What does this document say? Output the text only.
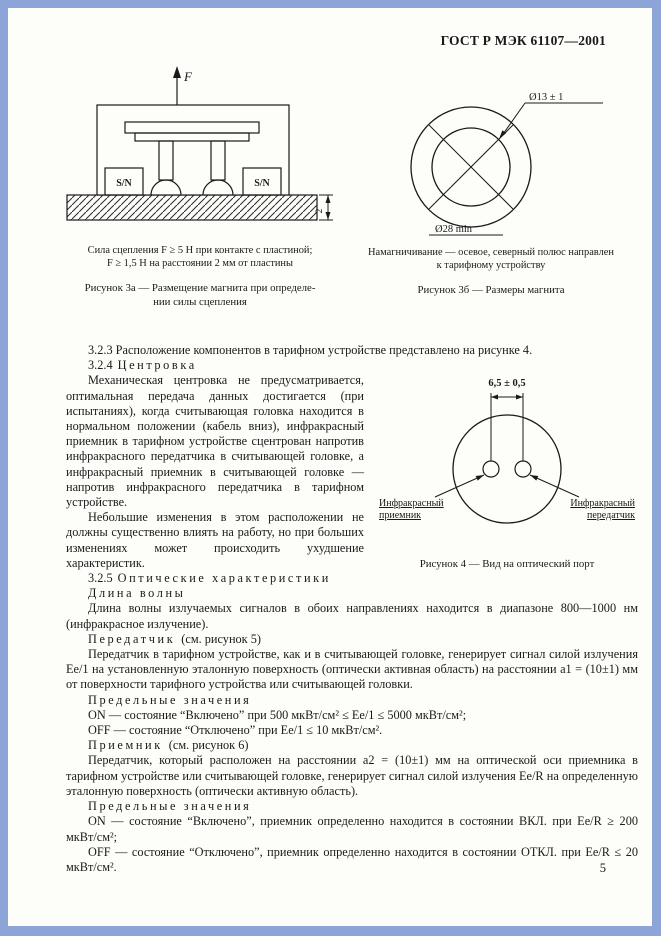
ГОСТ Р МЭК 61107—2001
F
S/N	S/N
2
Сила сцепления F ≥ 5 Н при контакте с пластиной;
F ≥ 1,5 Н на расстоянии 2 мм от пластины
Рисунок 3а — Размещение магнита при определе-
нии силы сцепления
Ø13 ± 1
Ø28 min
Намагничивание — осевое, северный полюс направлен
к тарифному устройству
Рисунок 3б — Размеры магнита

3.2.3 Расположение компонентов в тарифном устройстве представлено на рисунке 4.

3.2.4 Центровка

6,5 ± 0,5
Инфракрасный
приемник
Инфракрасный
передатчик
Рисунок 4 — Вид на оптический порт

Механическая центровка не предусматривается, оптимальная передача данных достигается (при испытаниях), когда считывающая головка находится в нормальном положении (кабель вниз), инфракрасный приемник в тарифном устройстве сцентрован напротив инфракрасного передатчика в считывающей головке, а инфракрасный приемник в считывающей головке — напротив инфракрасного передатчика в тарифном устройстве.

Небольшие изменения в этом расположении не должны существенно влиять на работу, но при больших изменениях может происходить ухудшение характеристик.

3.2.5 Оптические характеристики

Длина волны

Длина волны излучаемых сигналов в обоих направлениях находится в диапазоне 800—1000 нм (инфракрасное излучение).

Передатчик (см. рисунок 5)

Передатчик в тарифном устройстве, как и в считывающей головке, генерирует сигнал силой излучения Ee/1 на установленную эталонную поверхность (оптически активная область) на расстоянии a1 = (10±1) мм от поверхности тарифного устройства или считывающей головки.

Предельные значения

ON — состояние “Включено” при 500 мкВт/см² ≤ Ee/1 ≤ 5000 мкВт/см²;

OFF — состояние “Отключено” при Ee/1 ≤ 10 мкВт/см².

Приемник (см. рисунок 6)

Передатчик, который расположен на расстоянии a2 = (10±1) мм на оптической оси приемника в тарифном устройстве или считывающей головке, генерирует сигнал силой излучения Ee/R на определенную эталонную поверхность (оптически активную область).

Предельные значения

ON — состояние “Включено”, приемник определенно находится в состоянии ВКЛ. при Ee/R ≥ 200 мкВт/см²;

OFF — состояние “Отключено”, приемник определенно находится в состоянии ОТКЛ. при Ee/R ≤ 20 мкВт/см².	5
